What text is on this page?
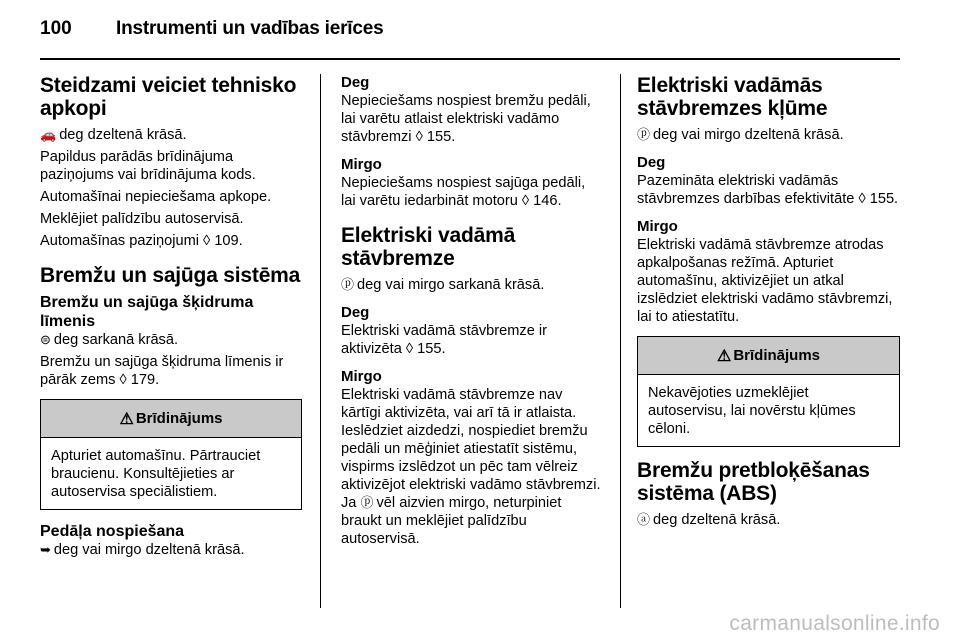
100 Instrumenti un vadības ierīces
Steidzami veiciet tehnisko apkopi

🚗 deg dzeltenā krāsā.

Papildus parādās brīdinājuma paziņojums vai brīdinājuma kods.

Automašīnai nepieciešama apkope.

Meklējiet palīdzību autoservisā.

Automašīnas paziņojumi ◊ 109.

Bremžu un sajūga sistēma
Bremžu un sajūga šķidruma līmenis

⊜ deg sarkanā krāsā.

Bremžu un sajūga šķidruma līmenis ir pārāk zems ◊ 179.

⚠ Brīdinājums

Apturiet automašīnu. Pārtrauciet braucienu. Konsultējieties ar autoservisa speciālistiem.

Pedāļa nospiešana

➥ deg vai mirgo dzeltenā krāsā.

Deg

Nepieciešams nospiest bremžu pedāli, lai varētu atlaist elektriski vadāmo stāvbremzi ◊ 155.

Mirgo

Nepieciešams nospiest sajūga pedāli, lai varētu iedarbināt motoru ◊ 146.

Elektriski vadāmā stāvbremze

ⓟ deg vai mirgo sarkanā krāsā.

Deg

Elektriski vadāmā stāvbremze ir aktivizēta ◊ 155.

Mirgo

Elektriski vadāmā stāvbremze nav kārtīgi aktivizēta, vai arī tā ir atlaista. Ieslēdziet aizdedzi, nospiediet bremžu pedāli un mēģiniet atiestatīt sistēmu, vispirms izslēdzot un pēc tam vēlreiz aktivizējot elektriski vadāmo stāvbremzi. Ja ⓟ vēl aizvien mirgo, neturpiniet braukt un meklējiet palīdzību autoservisā.

Elektriski vadāmās stāvbremzes kļūme

ⓟ deg vai mirgo dzeltenā krāsā.

Deg

Pazemināta elektriski vadāmās stāvbremzes darbības efektivitāte ◊ 155.

Mirgo

Elektriski vadāmā stāvbremze atrodas apkalpošanas režīmā. Apturiet automašīnu, aktivizējiet un atkal izslēdziet elektriski vadāmo stāvbremzi, lai to atiestatītu.

⚠ Brīdinājums

Nekavējoties uzmeklējiet autoservisu, lai novērstu kļūmes cēloni.

Bremžu pretbloķēšanas sistēma (ABS)

ⓐ deg dzeltenā krāsā.

carmanualsonline.info
